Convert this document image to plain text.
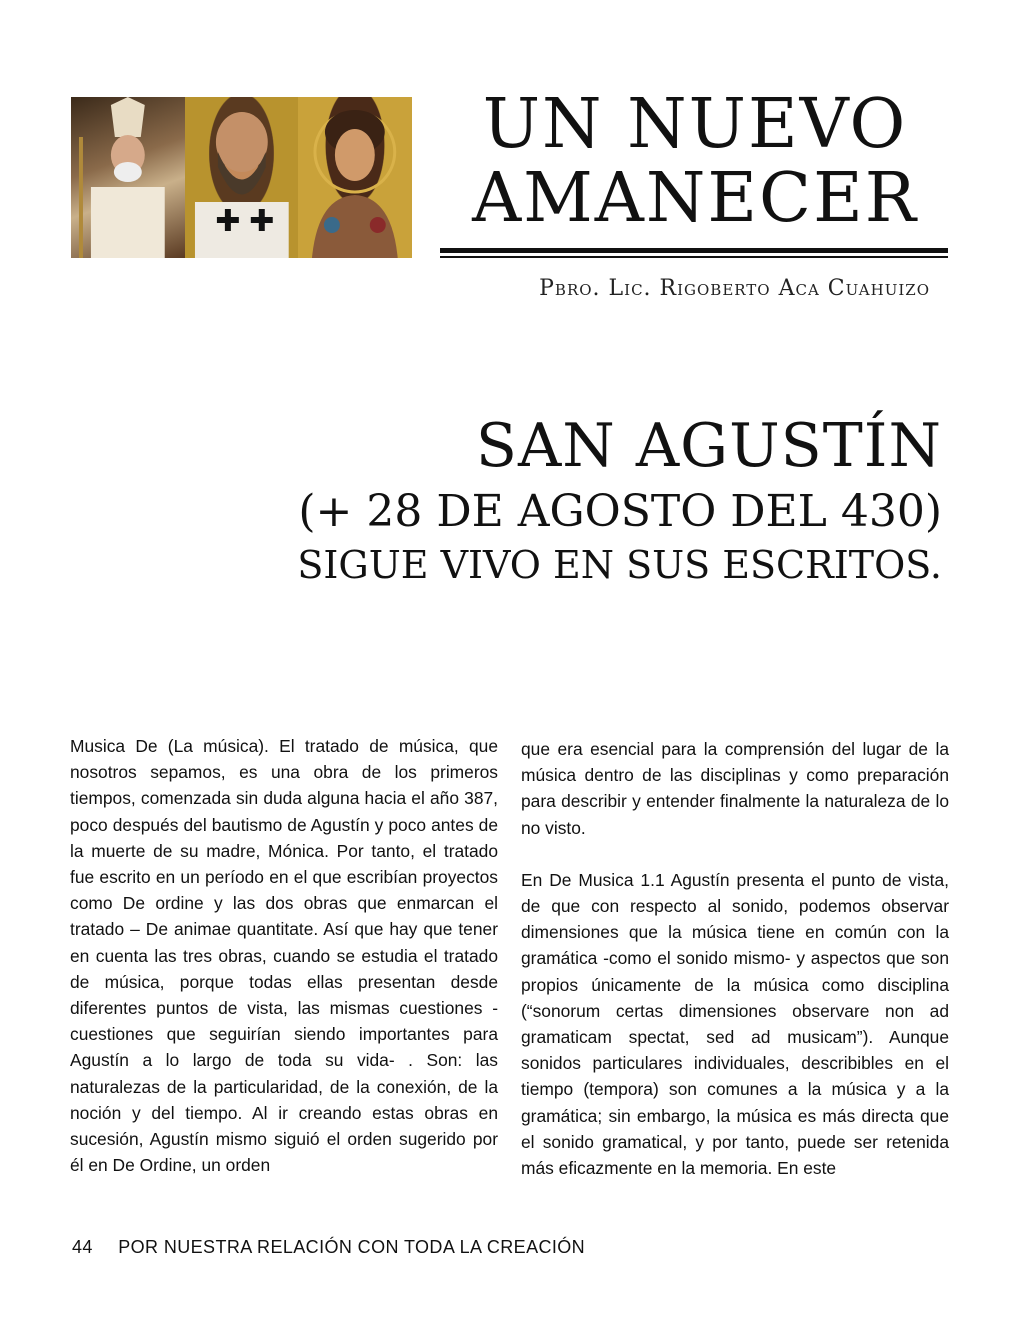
UN NUEVO
AMANECER
Pbro. Lic. Rigoberto Aca Cuahuizo
SAN AGUSTÍN
(+ 28 DE AGOSTO DEL 430)
SIGUE VIVO EN SUS ESCRITOS.

Musica De (La música). El tratado de música, que nosotros sepamos, es una obra de los primeros tiempos, comenzada sin duda alguna hacia el año 387, poco después del bautismo de Agustín y poco antes de la muerte de su madre, Mónica. Por tanto, el tratado fue escrito en un período en el que escribían proyectos como De ordine y las dos obras que enmarcan el tratado – De animae quantitate. Así que hay que tener en cuenta las tres obras, cuando se estudia el tratado de música, porque todas ellas presentan desde diferentes puntos de vista, las mismas cuestiones -cuestiones que seguirían siendo importantes para Agustín a lo largo de toda su vida- . Son: las naturalezas de la particularidad, de la conexión, de la noción y del tiempo. Al ir creando estas obras en sucesión, Agustín mismo siguió el orden sugerido por él en De Ordine, un orden

que era esencial para la comprensión del lugar de la música dentro de las disciplinas y como preparación para describir y entender finalmente la naturaleza de lo no visto.

En De Musica 1.1 Agustín presenta el punto de vista, de que con respecto al sonido, podemos observar dimensiones que la música tiene en común con la gramática -como el sonido mismo- y aspectos que son propios únicamente de la música como disciplina (“sonorum certas dimensiones observare non ad gramaticam spectat, sed ad musicam”). Aunque sonidos particulares individuales, describibles en el tiempo (tempora) son comunes a la música y a la gramática; sin embargo, la música es más directa que el sonido gramatical, y por tanto, puede ser retenida más eficazmente en la memoria. En este

44 POR NUESTRA RELACIÓN CON TODA LA CREACIÓN
